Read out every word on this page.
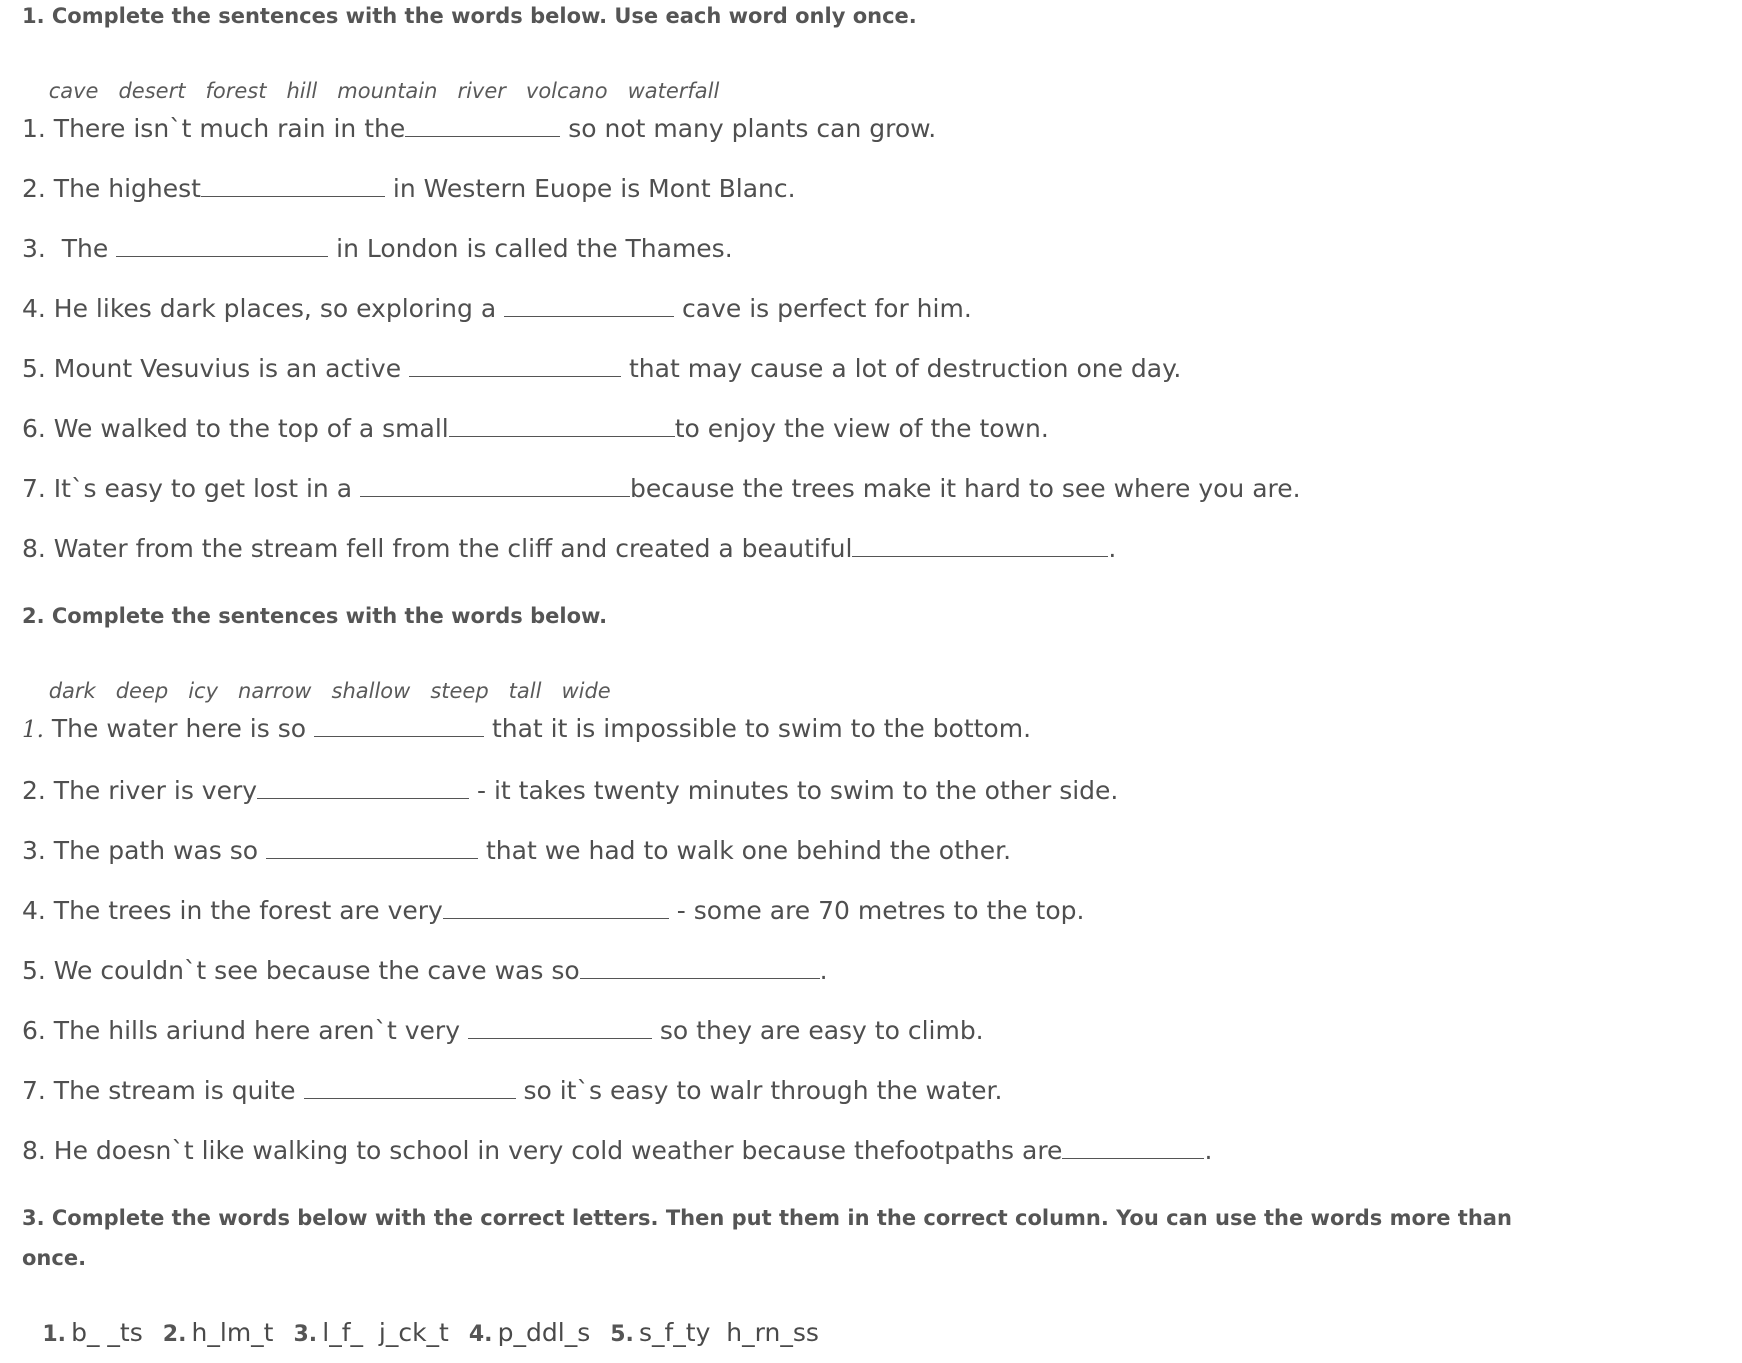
1. Complete the sentences with the words below. Use each word only once.

cave desert forest hill mountain river volcano waterfall

1. There isn`t much rain in the	so not many plants can grow.
2. The highest	in Western Euope is Mont Blanc.
3.  The	in London is called the Thames.
4. He likes dark places, so exploring a	cave is perfect for him.
5. Mount Vesuvius is an active	that may cause a lot of destruction one day.
6. We walked to the top of a small	to enjoy the view of the town.
7. It`s easy to get lost in a	because the trees make it hard to see where you are.
8. Water from the stream fell from the cliff and created a beautiful	.
2. Complete the sentences with the words below.

dark deep icy narrow shallow steep tall wide

1. The water here is so	that it is impossible to swim to the bottom.
2. The river is very	- it takes twenty minutes to swim to the other side.
3. The path was so	that we had to walk one behind the other.
4. The trees in the forest are very	- some are 70 metres to the top.
5. We couldn`t see because the cave was so	.
6. The hills ariund here aren`t very	so they are easy to climb.
7. The stream is quite	so it`s easy to walr through the water.
8. He doesn`t like walking to school in very cold weather because thefootpaths are	.
3. Complete the words below with the correct letters. Then put them in the correct column. You can use the words more than
once.

1. b_ _ts 2. h_lm_t 3. l_f_  j_ck_t 4. p_ddl_s 5. s_f_ty  h_rn_ss
